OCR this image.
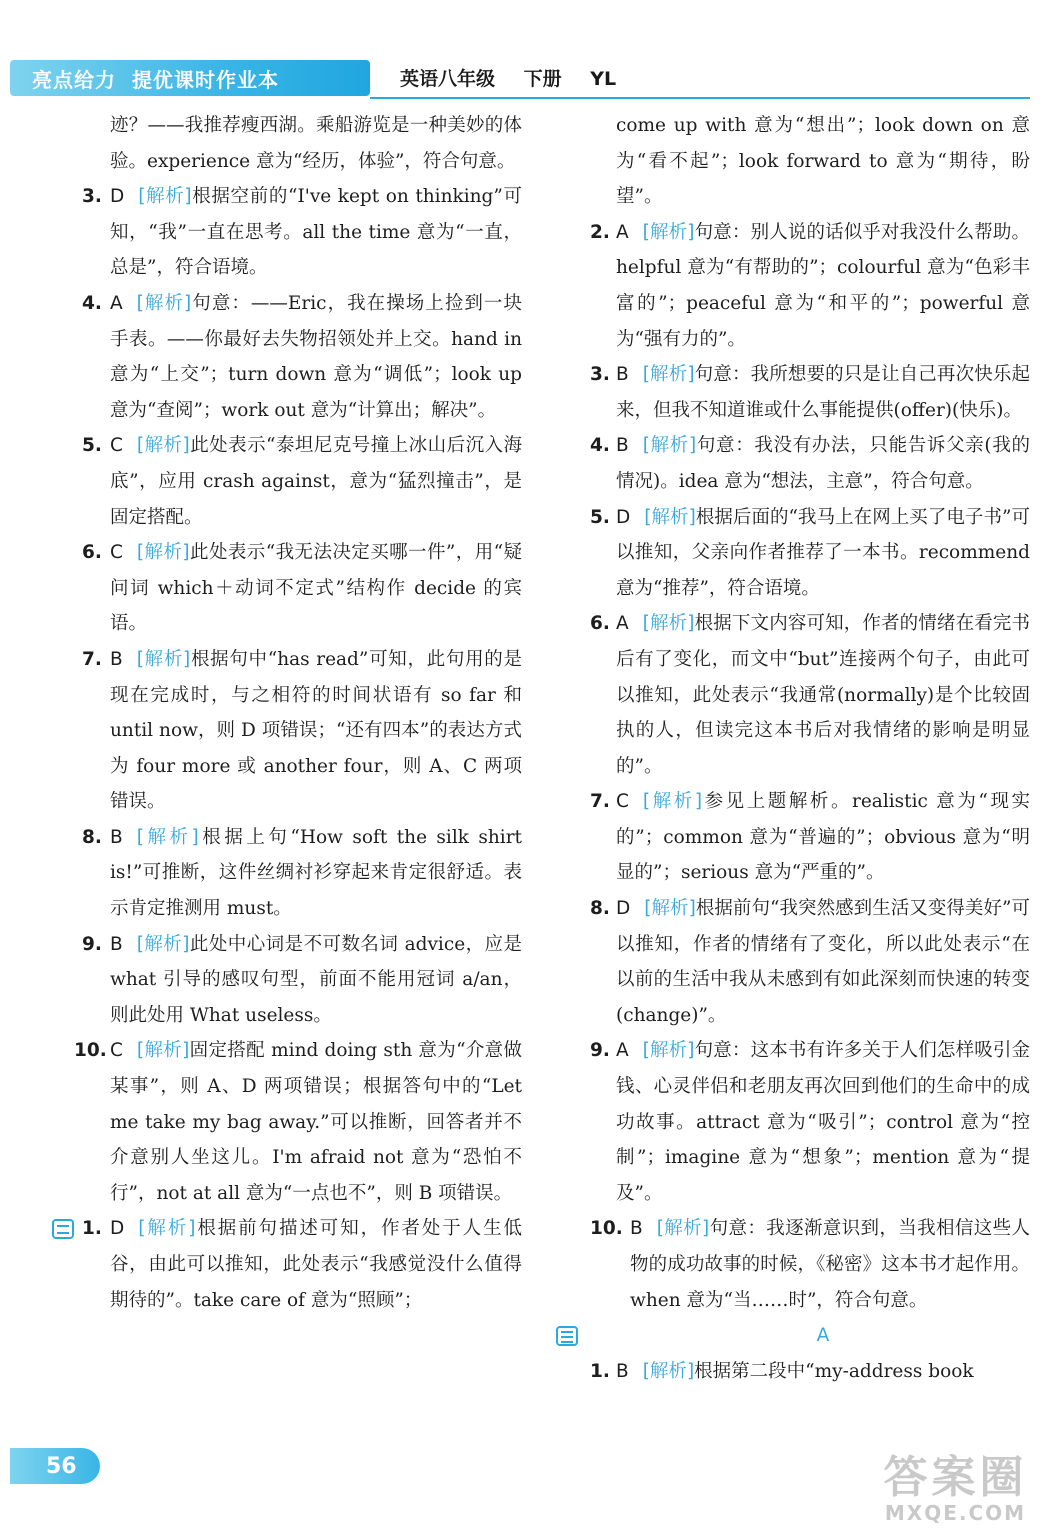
亮点给力 提优课时作业本	英语八年级 下册 YL
迹？——我推荐瘦西湖。乘船游览是一种美妙的体验。experience 意为“经历，体验”，符合句意。
3. D [解析]根据空前的“I've kept on thinking”可知，“我”一直在思考。all the time 意为“一直，总是”，符合语境。
4. A [解析]句意：——Eric，我在操场上捡到一块手表。——你最好去失物招领处并上交。hand in 意为“上交”；turn down 意为“调低”；look up 意为“查阅”；work out 意为“计算出；解决”。
5. C [解析]此处表示“泰坦尼克号撞上冰山后沉入海底”，应用 crash against，意为“猛烈撞击”，是固定搭配。
6. C [解析]此处表示“我无法决定买哪一件”，用“疑问词 which＋动词不定式”结构作 decide 的宾语。
7. B [解析]根据句中“has read”可知，此句用的是现在完成时，与之相符的时间状语有 so far 和 until now，则 D 项错误；“还有四本”的表达方式为 four more 或 another four，则 A、C 两项错误。
8. B [解析]根据上句“How soft the silk shirt is!”可推断，这件丝绸衬衫穿起来肯定很舒适。表示肯定推测用 must。
9. B [解析]此处中心词是不可数名词 advice，应是 what 引导的感叹句型，前面不能用冠词 a/an，则此处用 What useless。
10. C [解析]固定搭配 mind doing sth 意为“介意做某事”，则 A、D 两项错误；根据答句中的“Let me take my bag away.”可以推断，回答者并不介意别人坐这儿。I'm afraid not 意为“恐怕不行”，not at all 意为“一点也不”，则 B 项错误。
1. D [解析]根据前句描述可知，作者处于人生低谷，由此可以推知，此处表示“我感觉没什么值得期待的”。take care of 意为“照顾”；
come up with 意为“想出”；look down on 意为“看不起”；look forward to 意为“期待，盼望”。
2. A [解析]句意：别人说的话似乎对我没什么帮助。helpful 意为“有帮助的”；colourful 意为“色彩丰富的”；peaceful 意为“和平的”；powerful 意为“强有力的”。
3. B [解析]句意：我所想要的只是让自己再次快乐起来，但我不知道谁或什么事能提供(offer)(快乐)。
4. B [解析]句意：我没有办法，只能告诉父亲(我的情况)。idea 意为“想法，主意”，符合句意。
5. D [解析]根据后面的“我马上在网上买了电子书”可以推知，父亲向作者推荐了一本书。recommend 意为“推荐”，符合语境。
6. A [解析]根据下文内容可知，作者的情绪在看完书后有了变化，而文中“but”连接两个句子，由此可以推知，此处表示“我通常(normally)是个比较固执的人，但读完这本书后对我情绪的影响是明显的”。
7. C [解析]参见上题解析。realistic 意为“现实的”；common 意为“普遍的”；obvious 意为“明显的”；serious 意为“严重的”。
8. D [解析]根据前句“我突然感到生活又变得美好”可以推知，作者的情绪有了变化，所以此处表示“在以前的生活中我从未感到有如此深刻而快速的转变(change)”。
9. A [解析]句意：这本书有许多关于人们怎样吸引金钱、心灵伴侣和老朋友再次回到他们的生命中的成功故事。attract 意为“吸引”；control 意为“控制”；imagine 意为“想象”；mention 意为“提及”。
10. B [解析]句意：我逐渐意识到，当我相信这些人物的成功故事的时候，《秘密》这本书才起作用。when 意为“当……时”，符合句意。
A
1. B [解析]根据第二段中“my-address book
56	答案圈
MXQE.COM
